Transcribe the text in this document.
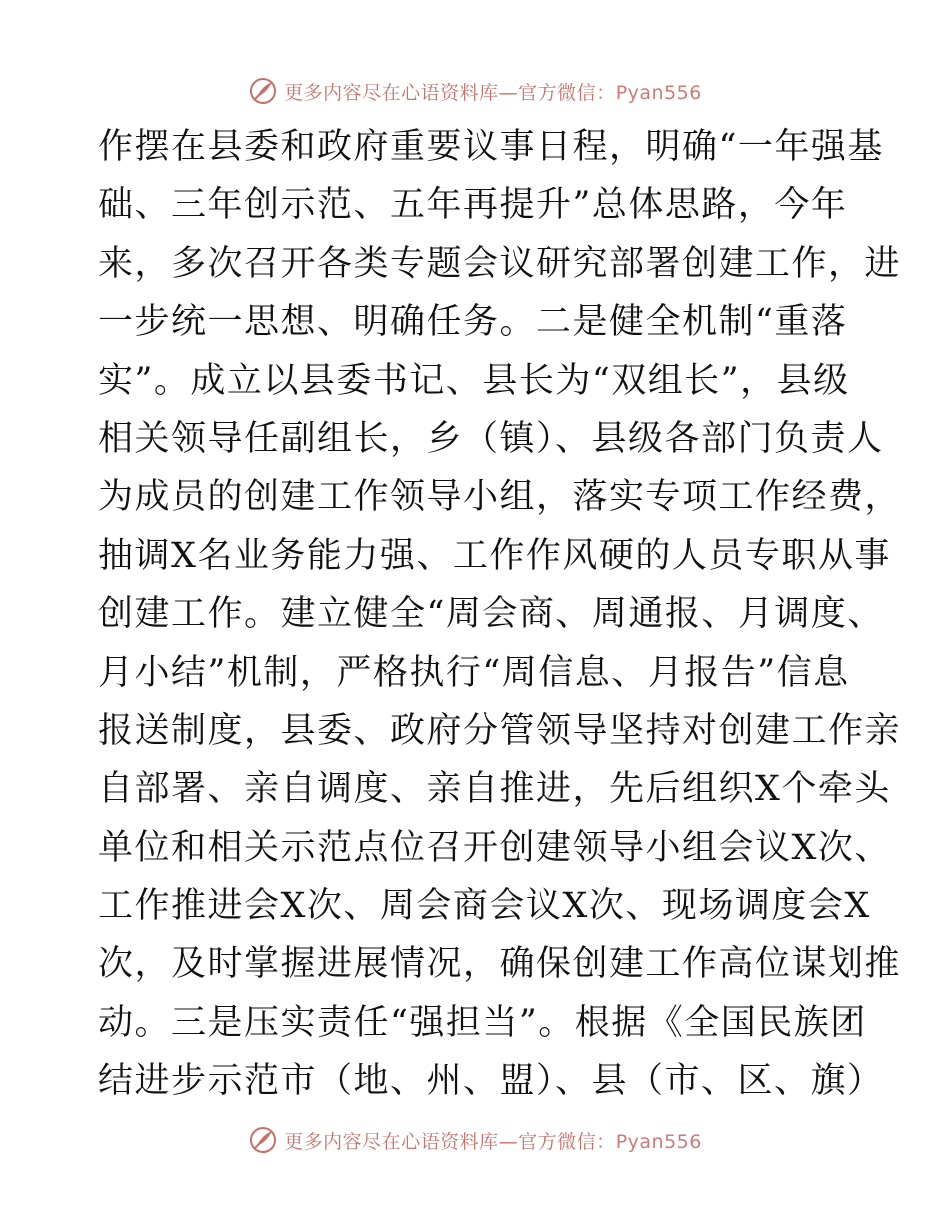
更多内容尽在心语资料库—官方微信：Pyan556
作摆在县委和政府重要议事日程，明确“一年强基
础、三年创示范、五年再提升”总体思路，今年
来，多次召开各类专题会议研究部署创建工作，进
一步统一思想、明确任务。二是健全机制“重落
实”。成立以县委书记、县长为“双组长”，县级
相关领导任副组长，乡（镇）、县级各部门负责人
为成员的创建工作领导小组，落实专项工作经费，
抽调X名业务能力强、工作作风硬的人员专职从事
创建工作。建立健全“周会商、周通报、月调度、
月小结”机制，严格执行“周信息、月报告”信息
报送制度，县委、政府分管领导坚持对创建工作亲
自部署、亲自调度、亲自推进，先后组织X个牵头
单位和相关示范点位召开创建领导小组会议X次、
工作推进会X次、周会商会议X次、现场调度会X
次，及时掌握进展情况，确保创建工作高位谋划推
动。三是压实责任“强担当”。根据《全国民族团
结进步示范市（地、州、盟）、县（市、区、旗）
更多内容尽在心语资料库—官方微信：Pyan556
